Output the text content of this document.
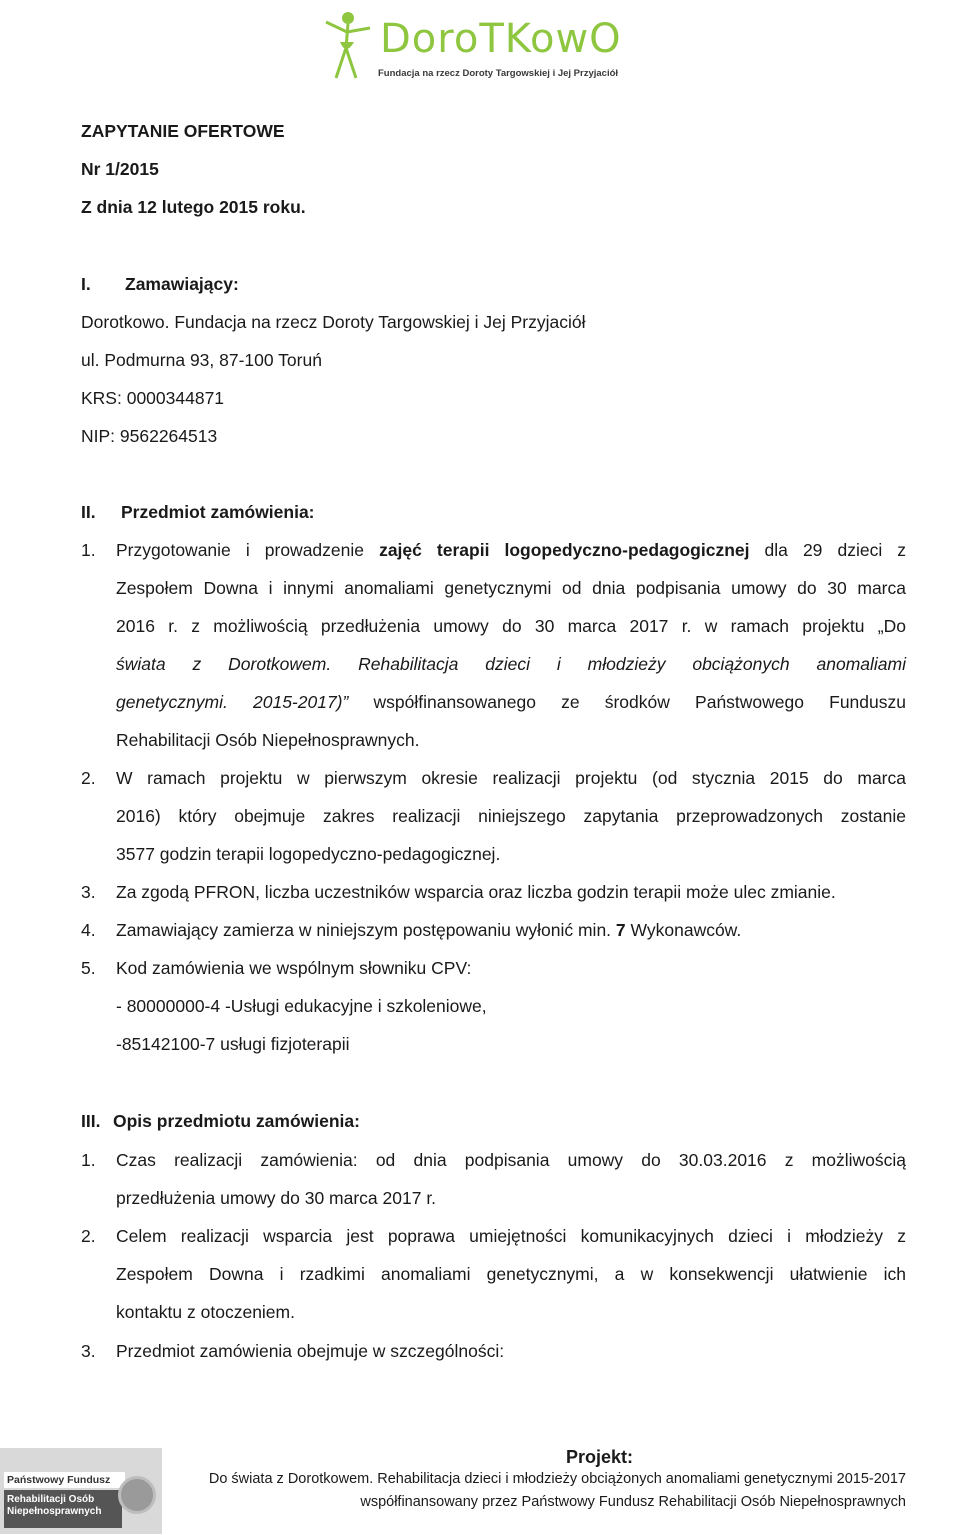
DoroTKowO
Fundacja na rzecz Doroty Targowskiej i Jej Przyjaciół
ZAPYTANIE OFERTOWE
Nr 1/2015
Z dnia 12 lutego 2015 roku.
I. Zamawiający:
Dorotkowo. Fundacja na rzecz Doroty Targowskiej i Jej Przyjaciół
ul. Podmurna 93, 87-100 Toruń
KRS: 0000344871
NIP: 9562264513
II. Przedmiot zamówienia:
1. Przygotowanie i prowadzenie zajęć terapii logopedyczno-pedagogicznej dla 29 dzieci z
Zespołem Downa i innymi anomaliami genetycznymi od dnia podpisania umowy do 30 marca
2016 r. z możliwością przedłużenia umowy do 30 marca 2017 r. w ramach projektu „Do
świata z Dorotkowem. Rehabilitacja dzieci i młodzieży obciążonych anomaliami
genetycznymi. 2015-2017)” współfinansowanego ze środków Państwowego Funduszu
Rehabilitacji Osób Niepełnosprawnych.
2. W ramach projektu w pierwszym okresie realizacji projektu (od stycznia 2015 do marca
2016) który obejmuje zakres realizacji niniejszego zapytania przeprowadzonych zostanie
3577 godzin terapii logopedyczno-pedagogicznej.
3. Za zgodą PFRON, liczba uczestników wsparcia oraz liczba godzin terapii może ulec zmianie.
4. Zamawiający zamierza w niniejszym postępowaniu wyłonić min. 7 Wykonawców.
5. Kod zamówienia we wspólnym słowniku CPV:
- 80000000-4 -Usługi edukacyjne i szkoleniowe,
-85142100-7 usługi fizjoterapii
III. Opis przedmiotu zamówienia:
1. Czas realizacji zamówienia: od dnia podpisania umowy do 30.03.2016 z możliwością
przedłużenia umowy do 30 marca 2017 r.
2. Celem realizacji wsparcia jest poprawa umiejętności komunikacyjnych dzieci i młodzieży z
Zespołem Downa i rzadkimi anomaliami genetycznymi, a w konsekwencji ułatwienie ich
kontaktu z otoczeniem.
3. Przedmiot zamówienia obejmuje w szczególności:
Państwowy Fundusz
Rehabilitacji Osób
Niepełnosprawnych
Projekt:
Do świata z Dorotkowem. Rehabilitacja dzieci i młodzieży obciążonych anomaliami genetycznymi 2015-2017
współfinansowany przez Państwowy Fundusz Rehabilitacji Osób Niepełnosprawnych
